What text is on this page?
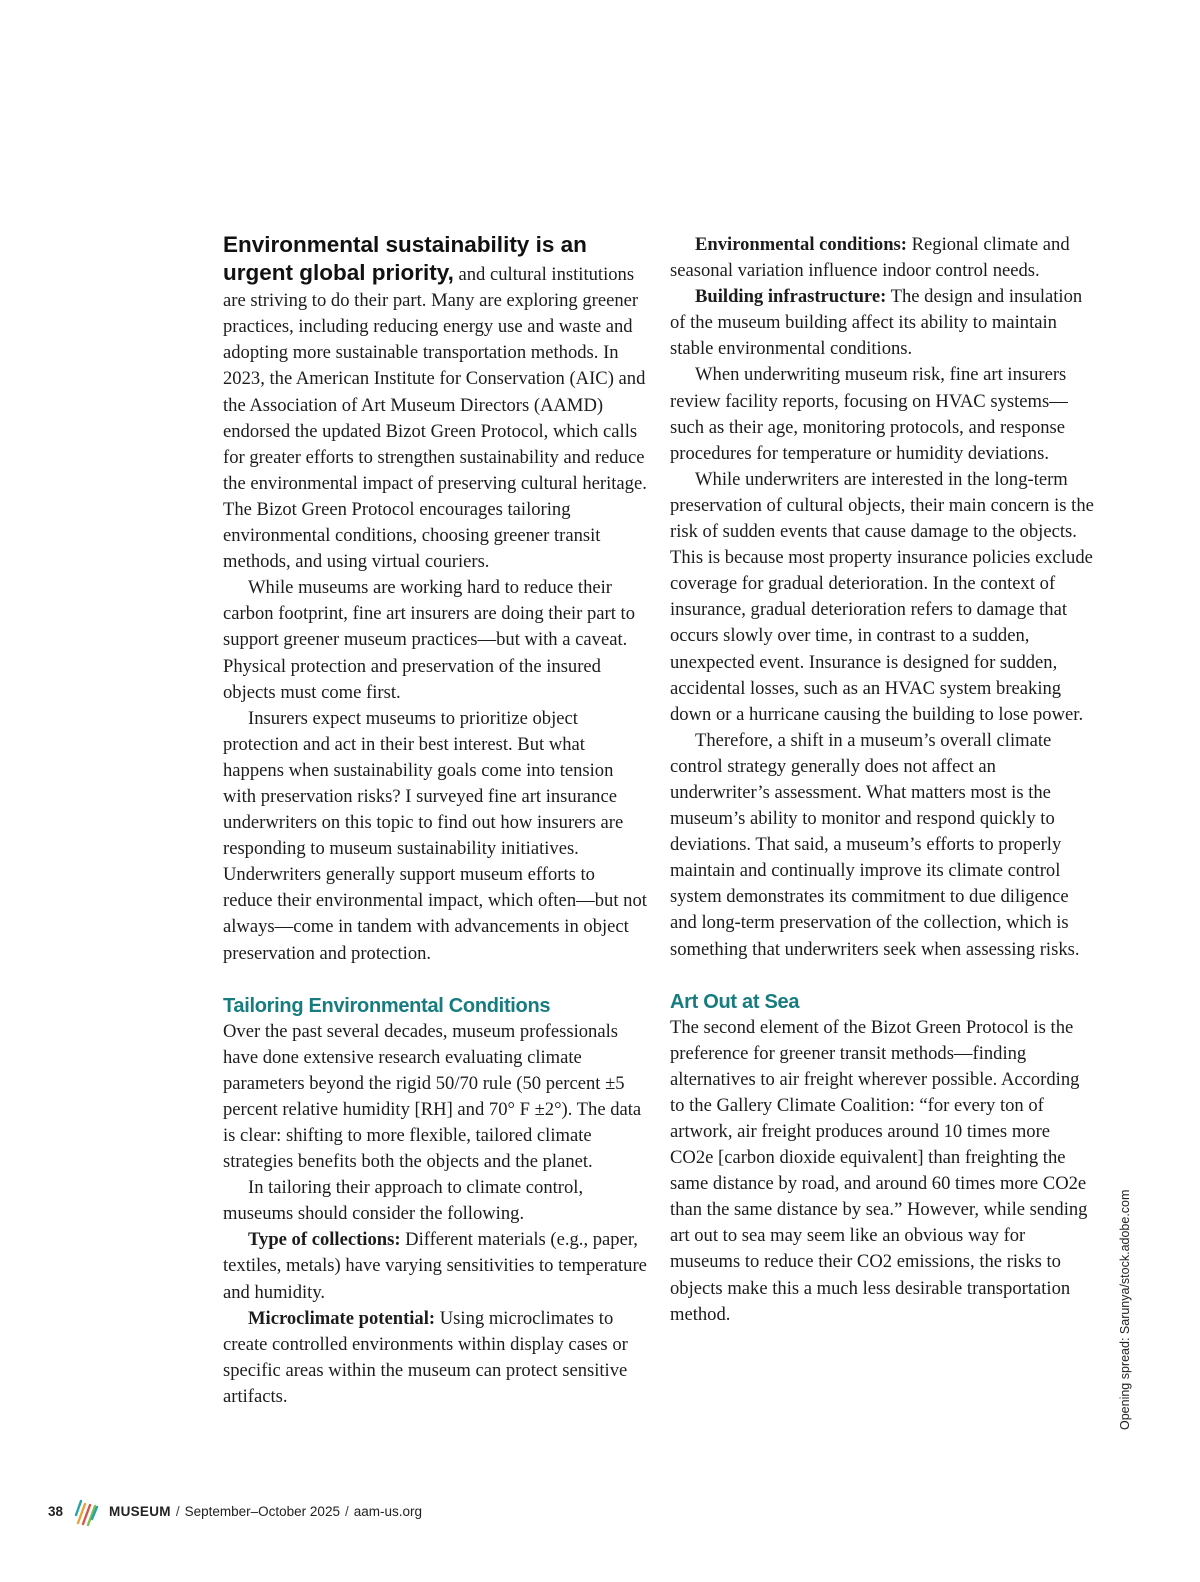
Environmental sustainability is an urgent global priority, and cultural institutions are striving to do their part. Many are exploring greener practices, including reducing energy use and waste and adopting more sustainable transportation methods. In 2023, the American Institute for Conservation (AIC) and the Association of Art Museum Directors (AAMD) endorsed the updated Bizot Green Protocol, which calls for greater efforts to strengthen sustainability and reduce the environmental impact of preserving cultural heritage. The Bizot Green Protocol encourages tailoring environmental conditions, choosing greener transit methods, and using virtual couriers.

While museums are working hard to reduce their carbon footprint, fine art insurers are doing their part to support greener museum practices—but with a caveat. Physical protection and preservation of the insured objects must come first.

Insurers expect museums to prioritize object protection and act in their best interest. But what happens when sustainability goals come into tension with preservation risks? I surveyed fine art insurance underwriters on this topic to find out how insurers are responding to museum sustainability initiatives. Underwriters generally support museum efforts to reduce their environmental impact, which often—but not always—come in tandem with advancements in object preservation and protection.

Tailoring Environmental Conditions

Over the past several decades, museum professionals have done extensive research evaluating climate parameters beyond the rigid 50/70 rule (50 percent ±5 percent relative humidity [RH] and 70° F ±2°). The data is clear: shifting to more flexible, tailored climate strategies benefits both the objects and the planet.

In tailoring their approach to climate control, museums should consider the following.

Type of collections: Different materials (e.g., paper, textiles, metals) have varying sensitivities to temperature and humidity.

Microclimate potential: Using microclimates to create controlled environments within display cases or specific areas within the museum can protect sensitive artifacts.

Environmental conditions: Regional climate and seasonal variation influence indoor control needs.

Building infrastructure: The design and insulation of the museum building affect its ability to maintain stable environmental conditions.

When underwriting museum risk, fine art insurers review facility reports, focusing on HVAC systems—such as their age, monitoring protocols, and response procedures for temperature or humidity deviations.

While underwriters are interested in the long-term preservation of cultural objects, their main concern is the risk of sudden events that cause damage to the objects. This is because most property insurance policies exclude coverage for gradual deterioration. In the context of insurance, gradual deterioration refers to damage that occurs slowly over time, in contrast to a sudden, unexpected event. Insurance is designed for sudden, accidental losses, such as an HVAC system breaking down or a hurricane causing the building to lose power.

Therefore, a shift in a museum’s overall climate control strategy generally does not affect an underwriter’s assessment. What matters most is the museum’s ability to monitor and respond quickly to deviations. That said, a museum’s efforts to properly maintain and continually improve its climate control system demonstrates its commitment to due diligence and long-term preservation of the collection, which is something that underwriters seek when assessing risks.

Art Out at Sea

The second element of the Bizot Green Protocol is the preference for greener transit methods—finding alternatives to air freight wherever possible. According to the Gallery Climate Coalition: “for every ton of artwork, air freight produces around 10 times more CO2e [carbon dioxide equivalent] than freighting the same distance by road, and around 60 times more CO2e than the same distance by sea.” However, while sending art out to sea may seem like an obvious way for museums to reduce their CO2 emissions, the risks to objects make this a much less desirable transportation method.	Opening spread: Sarunya/stock.adobe.com
38	MUSEUM / September–October 2025 / aam-us.org
